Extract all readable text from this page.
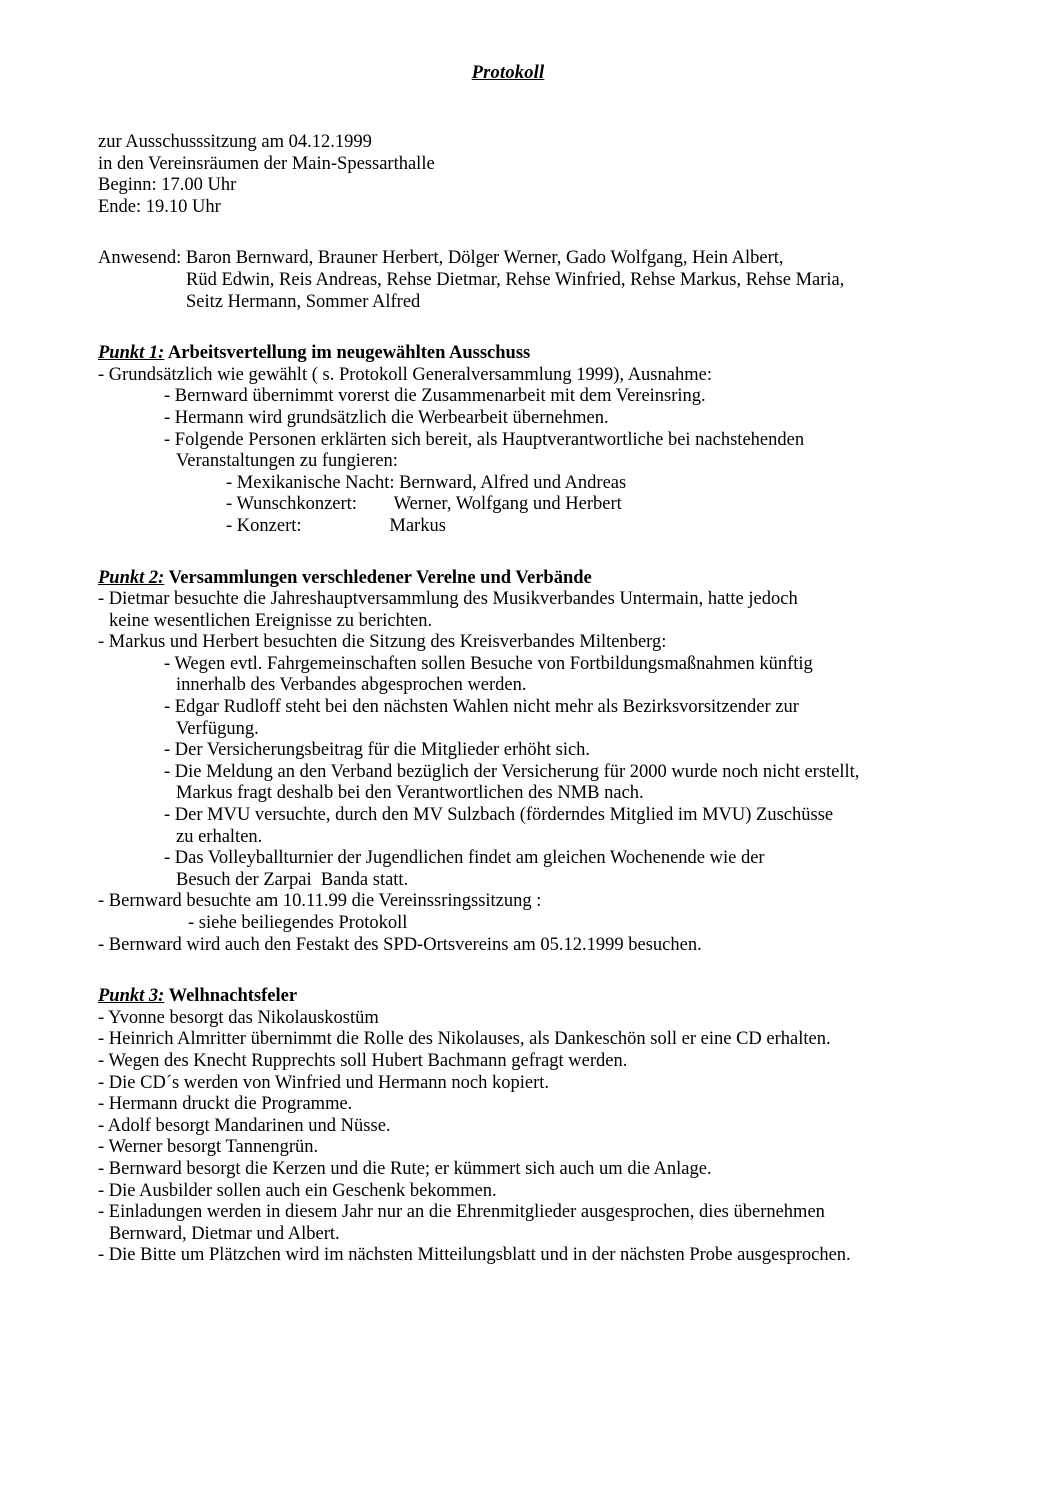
Protokoll
zur Ausschusssitzung am 04.12.1999
in den Vereinsräumen der Main-Spessarthalle
Beginn: 17.00 Uhr
Ende: 19.10 Uhr
Anwesend: Baron Bernward, Brauner Herbert, Dölger Werner, Gado Wolfgang, Hein Albert,
Rüd Edwin, Reis Andreas, Rehse Dietmar, Rehse Winfried, Rehse Markus, Rehse Maria,
Seitz Hermann, Sommer Alfred
Punkt 1: Arbeitsvertellung im neugewählten Ausschuss
- Grundsätzlich wie gewählt ( s. Protokoll Generalversammlung 1999), Ausnahme:
- Bernward übernimmt vorerst die Zusammenarbeit mit dem Vereinsring.
- Hermann wird grundsätzlich die Werbearbeit übernehmen.
- Folgende Personen erklärten sich bereit, als Hauptverantwortliche bei nachstehenden
Veranstaltungen zu fungieren:
- Mexikanische Nacht: Bernward, Alfred und Andreas
- Wunschkonzert:        Werner, Wolfgang und Herbert
- Konzert:                   Markus
Punkt 2: Versammlungen verschledener Verelne und Verbände
- Dietmar besuchte die Jahreshauptversammlung des Musikverbandes Untermain, hatte jedoch
keine wesentlichen Ereignisse zu berichten.
- Markus und Herbert besuchten die Sitzung des Kreisverbandes Miltenberg:
- Wegen evtl. Fahrgemeinschaften sollen Besuche von Fortbildungsmaßnahmen künftig
innerhalb des Verbandes abgesprochen werden.
- Edgar Rudloff steht bei den nächsten Wahlen nicht mehr als Bezirksvorsitzender zur
Verfügung.
- Der Versicherungsbeitrag für die Mitglieder erhöht sich.
- Die Meldung an den Verband bezüglich der Versicherung für 2000 wurde noch nicht erstellt,
Markus fragt deshalb bei den Verantwortlichen des NMB nach.
- Der MVU versuchte, durch den MV Sulzbach (förderndes Mitglied im MVU) Zuschüsse
zu erhalten.
- Das Volleyballturnier der Jugendlichen findet am gleichen Wochenende wie der
Besuch der Zarpai  Banda statt.
- Bernward besuchte am 10.11.99 die Vereinssringssitzung :
- siehe beiliegendes Protokoll
- Bernward wird auch den Festakt des SPD-Ortsvereins am 05.12.1999 besuchen.
Punkt 3: Welhnachtsfeler
- Yvonne besorgt das Nikolauskostüm
- Heinrich Almritter übernimmt die Rolle des Nikolauses, als Dankeschön soll er eine CD erhalten.
- Wegen des Knecht Rupprechts soll Hubert Bachmann gefragt werden.
- Die CD´s werden von Winfried und Hermann noch kopiert.
- Hermann druckt die Programme.
- Adolf besorgt Mandarinen und Nüsse.
- Werner besorgt Tannengrün.
- Bernward besorgt die Kerzen und die Rute; er kümmert sich auch um die Anlage.
- Die Ausbilder sollen auch ein Geschenk bekommen.
- Einladungen werden in diesem Jahr nur an die Ehrenmitglieder ausgesprochen, dies übernehmen
Bernward, Dietmar und Albert.
- Die Bitte um Plätzchen wird im nächsten Mitteilungsblatt und in der nächsten Probe ausgesprochen.
